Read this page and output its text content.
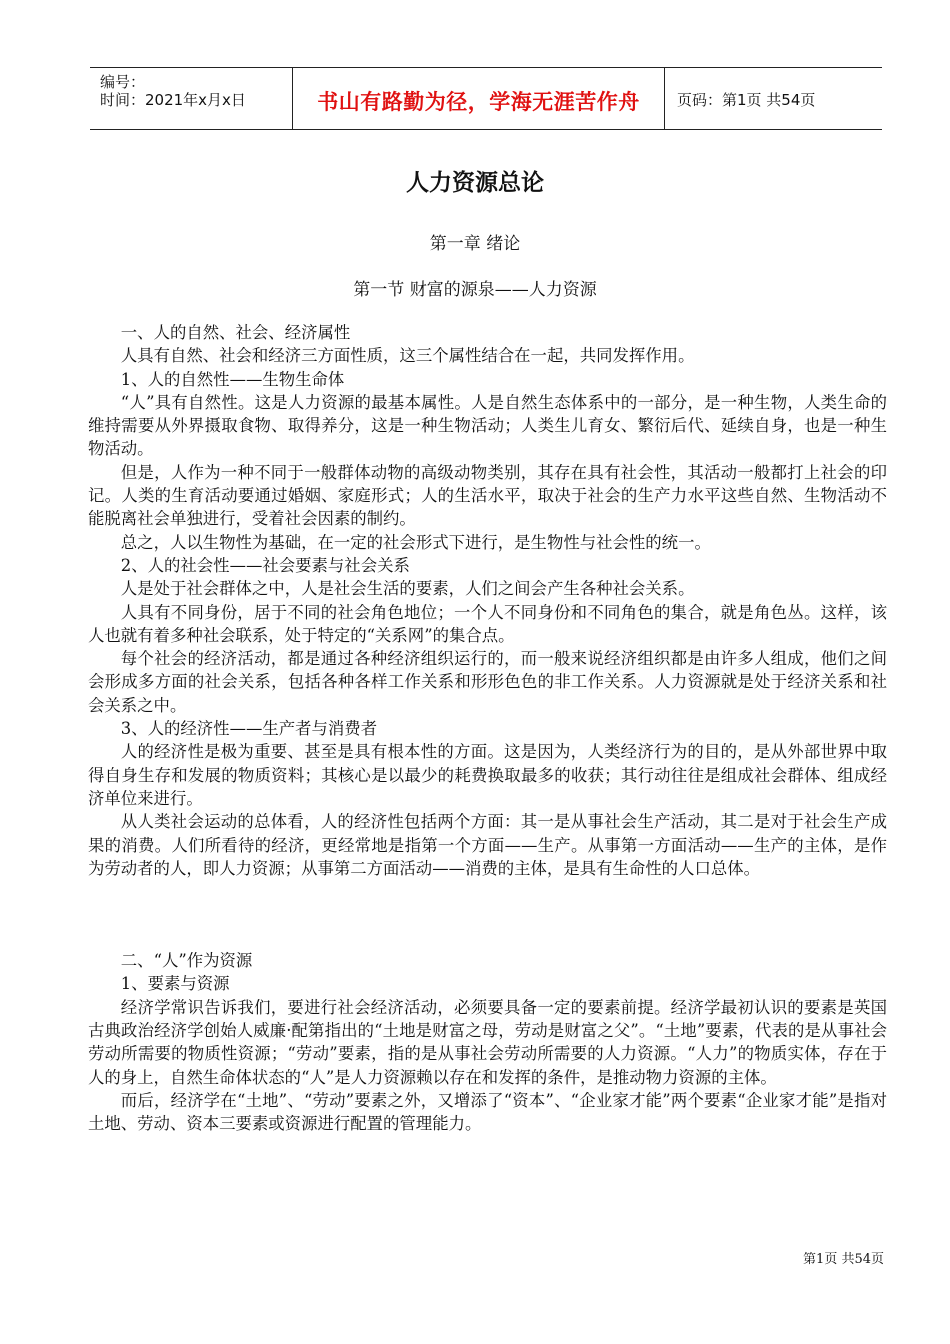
编号：
时间：2021年x月x日	书山有路勤为径，学海无涯苦作舟	页码：第1页 共54页
人力资源总论
第一章 绪论
第一节 财富的源泉——人力资源

一、人的自然、社会、经济属性

人具有自然、社会和经济三方面性质，这三个属性结合在一起，共同发挥作用。

1、人的自然性——生物生命体

“人”具有自然性。这是人力资源的最基本属性。人是自然生态体系中的一部分，是一种生物，人类生命的维持需要从外界摄取食物、取得养分，这是一种生物活动；人类生儿育女、繁衍后代、延续自身，也是一种生物活动。

但是，人作为一种不同于一般群体动物的高级动物类别，其存在具有社会性，其活动一般都打上社会的印记。人类的生育活动要通过婚姻、家庭形式；人的生活水平，取决于社会的生产力水平这些自然、生物活动不能脱离社会单独进行，受着社会因素的制约。

总之，人以生物性为基础，在一定的社会形式下进行，是生物性与社会性的统一。

2、人的社会性——社会要素与社会关系

人是处于社会群体之中，人是社会生活的要素，人们之间会产生各种社会关系。

人具有不同身份，居于不同的社会角色地位；一个人不同身份和不同角色的集合，就是角色丛。这样，该人也就有着多种社会联系，处于特定的“关系网”的集合点。

每个社会的经济活动，都是通过各种经济组织运行的，而一般来说经济组织都是由许多人组成，他们之间会形成多方面的社会关系，包括各种各样工作关系和形形色色的非工作关系。人力资源就是处于经济关系和社会关系之中。

3、人的经济性——生产者与消费者

人的经济性是极为重要、甚至是具有根本性的方面。这是因为，人类经济行为的目的，是从外部世界中取得自身生存和发展的物质资料；其核心是以最少的耗费换取最多的收获；其行动往往是组成社会群体、组成经济单位来进行。

从人类社会运动的总体看，人的经济性包括两个方面：其一是从事社会生产活动，其二是对于社会生产成果的消费。人们所看待的经济，更经常地是指第一个方面——生产。从事第一方面活动——生产的主体，是作为劳动者的人，即人力资源；从事第二方面活动——消费的主体，是具有生命性的人口总体。

二、“人”作为资源

1、要素与资源

经济学常识告诉我们，要进行社会经济活动，必须要具备一定的要素前提。经济学最初认识的要素是英国古典政治经济学创始人威廉·配第指出的“土地是财富之母，劳动是财富之父”。“土地”要素，代表的是从事社会劳动所需要的物质性资源；“劳动”要素，指的是从事社会劳动所需要的人力资源。“人力”的物质实体，存在于人的身上，自然生命体状态的“人”是人力资源赖以存在和发挥的条件，是推动物力资源的主体。

而后，经济学在“土地”、“劳动”要素之外，又增添了“资本”、“企业家才能”两个要素“企业家才能”是指对土地、劳动、资本三要素或资源进行配置的管理能力。

第1页 共54页
